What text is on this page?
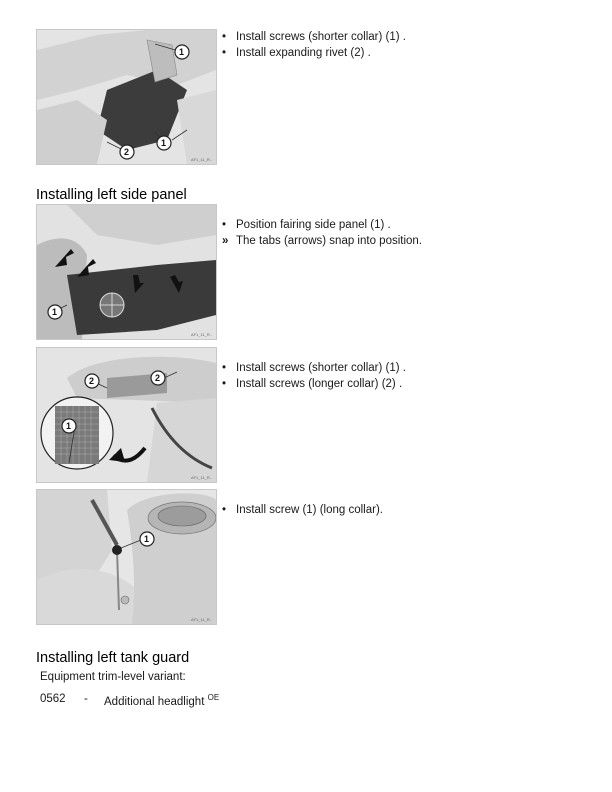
1
1
2
AF1_11_R..
• Install screws (shorter collar) (1) .
• Install expanding rivet (2) .
Installing left side panel
1
AF1_11_R..
• Position fairing side panel (1) .
» The tabs (arrows) snap into position.
2	2
1
AF1_11_R..
• Install screws (shorter collar) (1) .
• Install screws (longer collar) (2) .
1
AF1_11_R..
• Install screw (1) (long collar).
Installing left tank guard
Equipment trim-level variant:
0562 - Additional headlight $^{OE}$
